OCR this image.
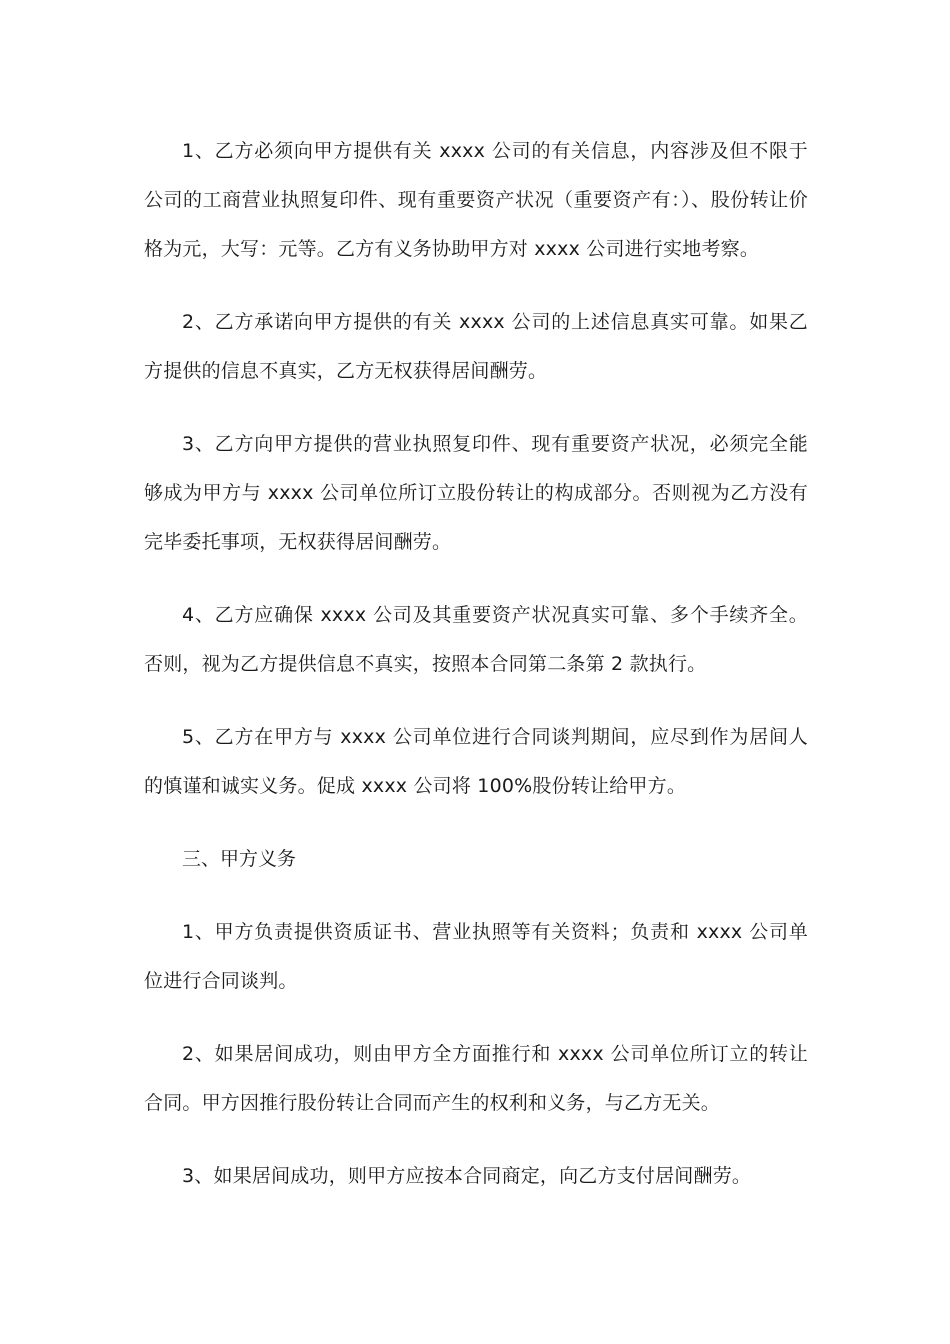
1、乙方必须向甲方提供有关 xxxx 公司的有关信息，内容涉及但不限于公司的工商营业执照复印件、现有重要资产状况（重要资产有：）、股份转让价格为元，大写：元等。乙方有义务协助甲方对 xxxx 公司进行实地考察。

2、乙方承诺向甲方提供的有关 xxxx 公司的上述信息真实可靠。如果乙方提供的信息不真实，乙方无权获得居间酬劳。

3、乙方向甲方提供的营业执照复印件、现有重要资产状况，必须完全能够成为甲方与 xxxx 公司单位所订立股份转让的构成部分。否则视为乙方没有完毕委托事项，无权获得居间酬劳。

4、乙方应确保 xxxx 公司及其重要资产状况真实可靠、多个手续齐全。否则，视为乙方提供信息不真实，按照本合同第二条第 2 款执行。

5、乙方在甲方与 xxxx 公司单位进行合同谈判期间，应尽到作为居间人的慎谨和诚实义务。促成 xxxx 公司将 100%股份转让给甲方。

三、甲方义务

1、甲方负责提供资质证书、营业执照等有关资料；负责和 xxxx 公司单位进行合同谈判。

2、如果居间成功，则由甲方全方面推行和 xxxx 公司单位所订立的转让合同。甲方因推行股份转让合同而产生的权利和义务，与乙方无关。

3、如果居间成功，则甲方应按本合同商定，向乙方支付居间酬劳。
